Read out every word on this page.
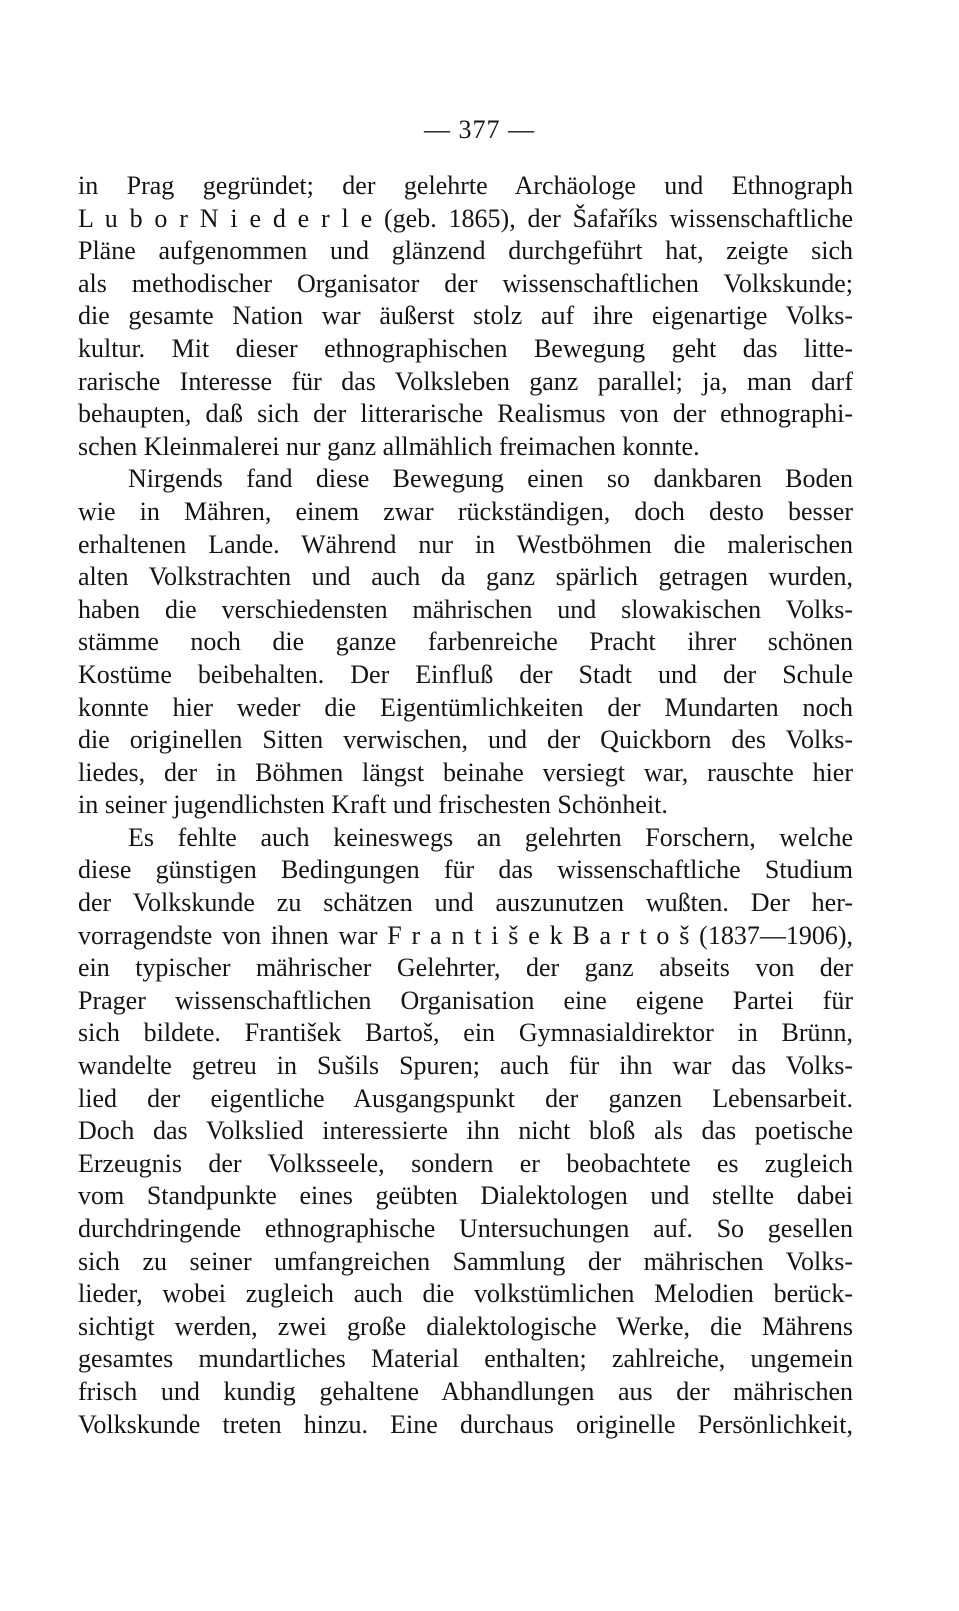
— 377 —
in Prag gegründet; der gelehrte Archäologe und Ethnograph
L u b o r N i e d e r l e (geb. 1865), der Šafaříks wissenschaftliche
Pläne aufgenommen und glänzend durchgeführt hat, zeigte sich
als methodischer Organisator der wissenschaftlichen Volkskunde;
die gesamte Nation war äußerst stolz auf ihre eigenartige Volks-
kultur. Mit dieser ethnographischen Bewegung geht das litte-
rarische Interesse für das Volksleben ganz parallel; ja, man darf
behaupten, daß sich der litterarische Realismus von der ethnographi-
schen Kleinmalerei nur ganz allmählich freimachen konnte.
Nirgends fand diese Bewegung einen so dankbaren Boden
wie in Mähren, einem zwar rückständigen, doch desto besser
erhaltenen Lande. Während nur in Westböhmen die malerischen
alten Volkstrachten und auch da ganz spärlich getragen wurden,
haben die verschiedensten mährischen und slowakischen Volks-
stämme noch die ganze farbenreiche Pracht ihrer schönen
Kostüme beibehalten. Der Einfluß der Stadt und der Schule
konnte hier weder die Eigentümlichkeiten der Mundarten noch
die originellen Sitten verwischen, und der Quickborn des Volks-
liedes, der in Böhmen längst beinahe versiegt war, rauschte hier
in seiner jugendlichsten Kraft und frischesten Schönheit.
Es fehlte auch keineswegs an gelehrten Forschern, welche
diese günstigen Bedingungen für das wissenschaftliche Studium
der Volkskunde zu schätzen und auszunutzen wußten. Der her-
vorragendste von ihnen war F r a n t i š e k B a r t o š (1837—1906),
ein typischer mährischer Gelehrter, der ganz abseits von der
Prager wissenschaftlichen Organisation eine eigene Partei für
sich bildete. František Bartoš, ein Gymnasialdirektor in Brünn,
wandelte getreu in Sušils Spuren; auch für ihn war das Volks-
lied der eigentliche Ausgangspunkt der ganzen Lebensarbeit.
Doch das Volkslied interessierte ihn nicht bloß als das poetische
Erzeugnis der Volksseele, sondern er beobachtete es zugleich
vom Standpunkte eines geübten Dialektologen und stellte dabei
durchdringende ethnographische Untersuchungen auf. So gesellen
sich zu seiner umfangreichen Sammlung der mährischen Volks-
lieder, wobei zugleich auch die volkstümlichen Melodien berück-
sichtigt werden, zwei große dialektologische Werke, die Mährens
gesamtes mundartliches Material enthalten; zahlreiche, ungemein
frisch und kundig gehaltene Abhandlungen aus der mährischen
Volkskunde treten hinzu. Eine durchaus originelle Persönlichkeit,
